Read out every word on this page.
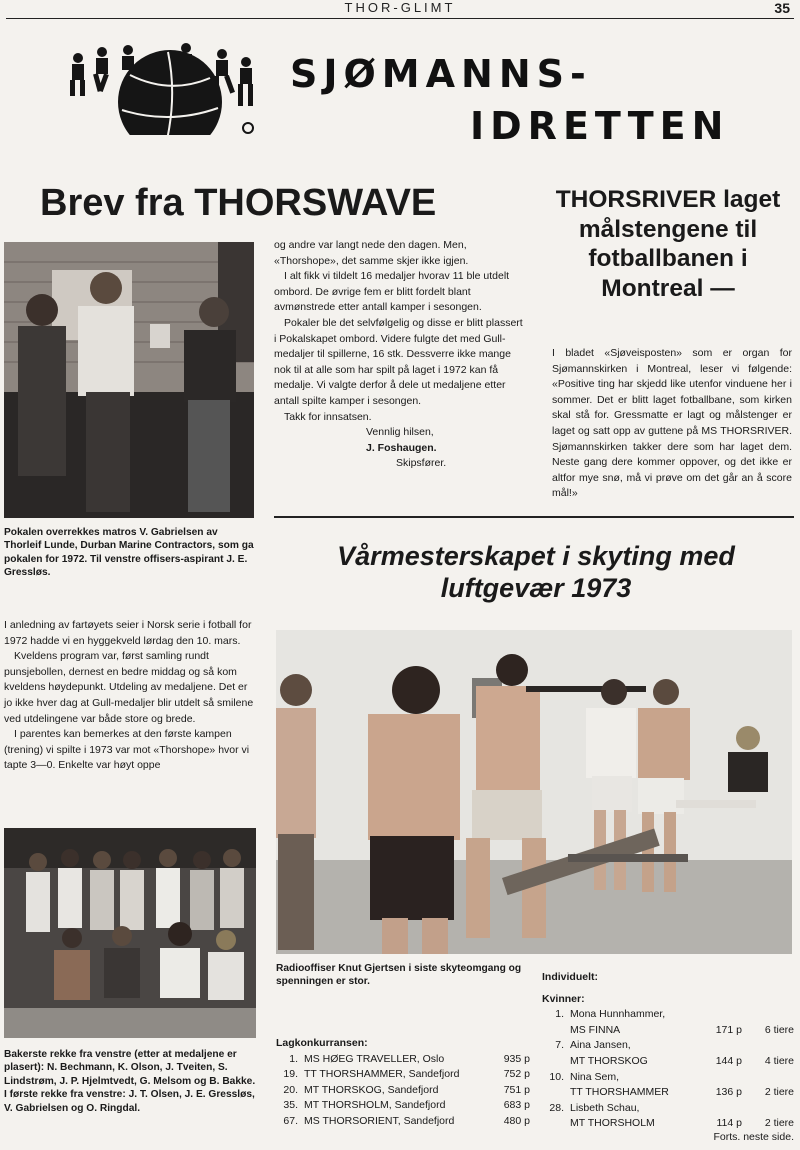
THOR-GLIMT	35
SJØMANNS-
IDRETTEN
Brev fra THORSWAVE
Pokalen overrekkes matros V. Gabrielsen av Thorleif Lunde, Durban Marine Contractors, som ga pokalen for 1972. Til venstre offisers-aspirant J. E. Gressløs.

I anledning av fartøyets seier i Norsk serie i fotball for 1972 hadde vi en hyggekveld lørdag den 10. mars.

Kveldens program var, først samling rundt punsjebollen, dernest en bedre middag og så kom kveldens høydepunkt. Utdeling av medaljene. Det er jo ikke hver dag at Gull-medaljer blir utdelt så smilene ved utdelingene var både store og brede.

I parentes kan bemerkes at den første kampen (trening) vi spilte i 1973 var mot «Thorshope» hvor vi tapte 3—0. Enkelte var høyt oppe

og andre var langt nede den dagen. Men, «Thorshope», det samme skjer ikke igjen.

I alt fikk vi tildelt 16 medaljer hvorav 11 ble utdelt ombord. De øvrige fem er blitt fordelt blant avmønstrede etter antall kamper i sesongen.

Pokaler ble det selvfølgelig og disse er blitt plassert i Pokalskapet ombord. Videre fulgte det med Gull-medaljer til spillerne, 16 stk. Dessverre ikke mange nok til at alle som har spilt på laget i 1972 kan få medalje. Vi valgte derfor å dele ut medaljene etter antall spilte kamper i sesongen.

Takk for innsatsen.

Vennlig hilsen,
J. Foshaugen.
Skipsfører.
THORSRIVER laget
målstengene til
fotballbanen i
Montreal —
I bladet «Sjøveisposten» som er organ for Sjømannskirken i Montreal, leser vi følgende: «Positive ting har skjedd like utenfor vinduene her i sommer. Det er blitt laget fotballbane, som kirken skal stå for. Gressmatte er lagt og målstenger er laget og satt opp av guttene på MS THORSRIVER. Sjømannskirken takker dere som har laget dem. Neste gang dere kommer oppover, og det ikke er altfor mye snø, må vi prøve om det går an å score mål!»
Vårmesterskapet i skyting med
luftgevær 1973
Radiooffiser Knut Gjertsen i siste skyteomgang og spenningen er stor.
Lagkonkurransen:
1. MS HØEG TRAVELLER, Oslo	935 p
19. TT THORSHAMMER, Sandefjord	752 p
20. MT THORSKOG, Sandefjord	751 p
35. MT THORSHOLM, Sandefjord	683 p
67. MS THORSORIENT, Sandefjord	480 p
Individuelt:
Kvinner:
1. Mona Hunnhammer,
MS FINNA	171 p	6 tiere
7. Aina Jansen,
MT THORSKOG	144 p	4 tiere
10. Nina Sem,
TT THORSHAMMER	136 p	2 tiere
28. Lisbeth Schau,
MT THORSHOLM	114 p	2 tiere
Forts. neste side.
Bakerste rekke fra venstre (etter at medaljene er plasert): N. Bechmann, K. Olson, J. Tveiten, S. Lindstrøm, J. P. Hjelmtvedt, G. Melsom og B. Bakke. I første rekke fra venstre: J. T. Olsen, J. E. Gressløs, V. Gabrielsen og O. Ringdal.
